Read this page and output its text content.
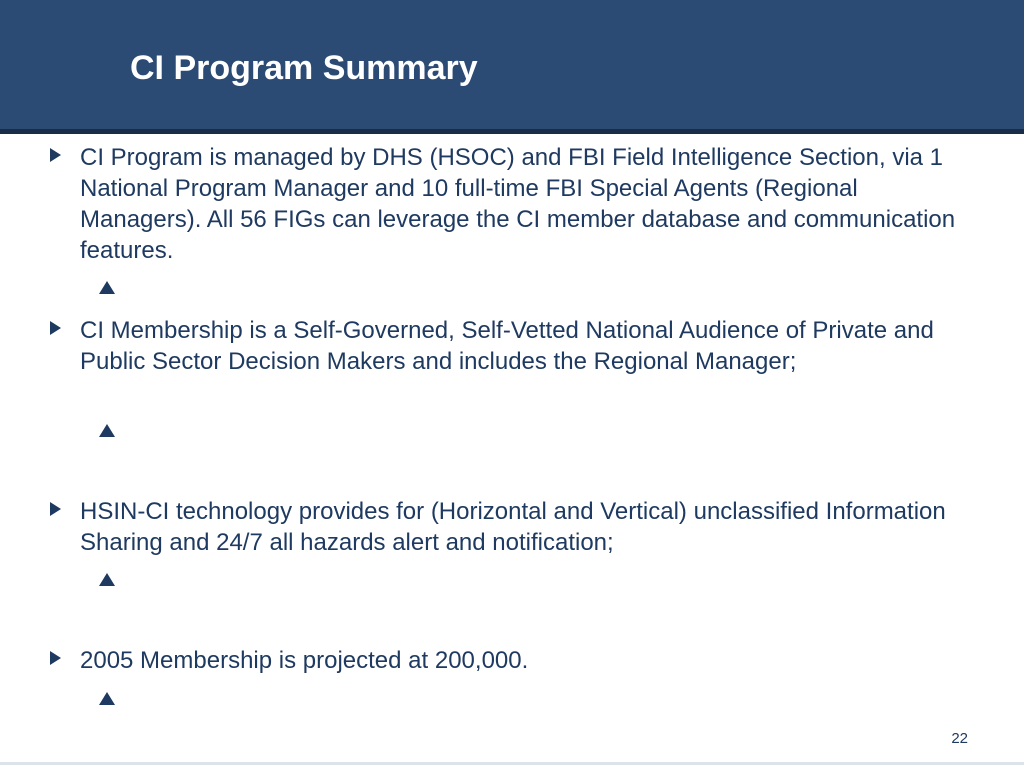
CI Program Summary
CI Program is managed by DHS (HSOC) and FBI Field Intelligence Section, via 1 National Program Manager and 10 full-time FBI Special Agents (Regional Managers). All 56 FIGs can leverage the CI member database and communication features.
CI Membership is a Self-Governed, Self-Vetted National Audience of Private and Public Sector Decision Makers and includes the Regional Manager;
HSIN-CI technology provides for (Horizontal and Vertical) unclassified Information Sharing and 24/7 all hazards alert and notification;
2005 Membership is projected at 200,000.
22
